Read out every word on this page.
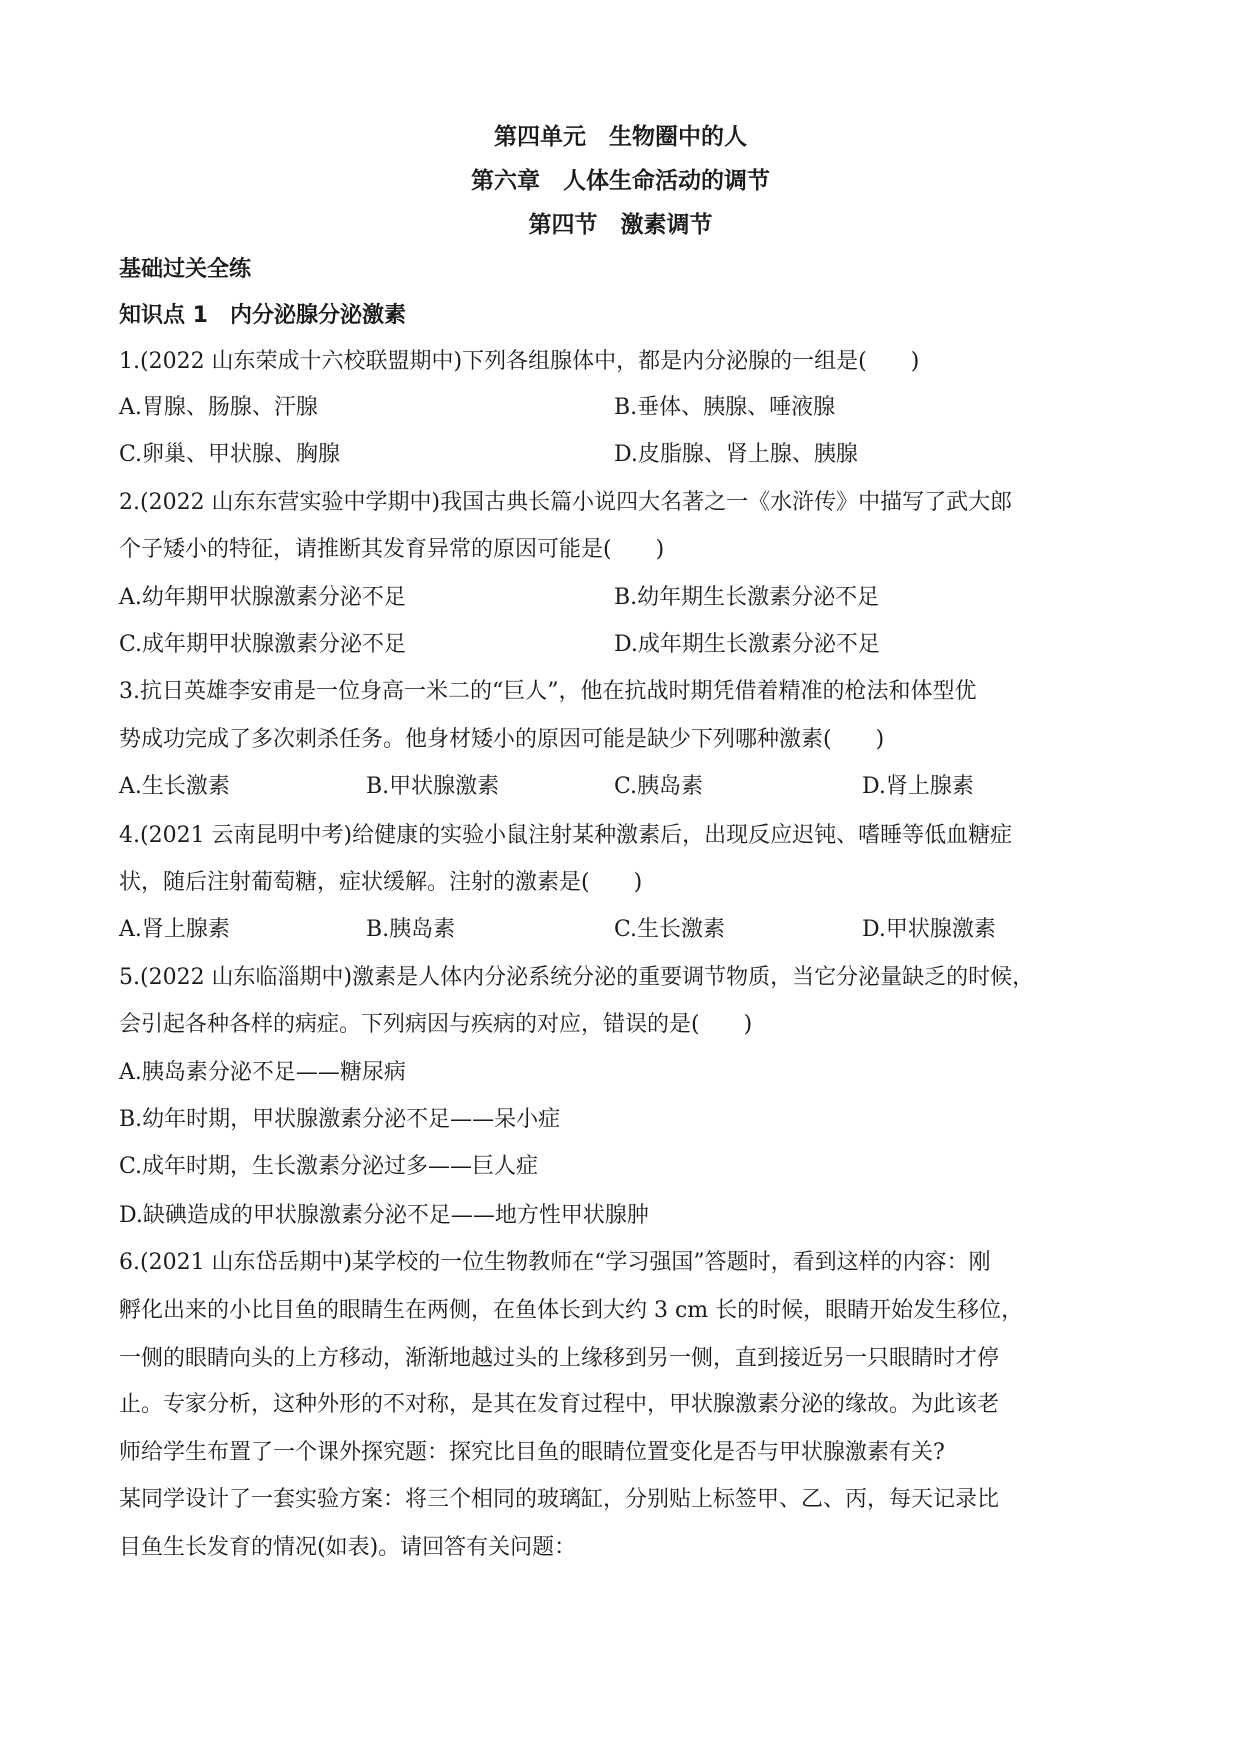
第四单元　生物圈中的人
第六章　人体生命活动的调节
第四节　激素调节
基础过关全练
知识点 1　内分泌腺分泌激素
1.(2022 山东荣成十六校联盟期中)下列各组腺体中，都是内分泌腺的一组是(　　)
A.胃腺、肠腺、汗腺	B.垂体、胰腺、唾液腺
C.卵巢、甲状腺、胸腺	D.皮脂腺、肾上腺、胰腺
2.(2022 山东东营实验中学期中)我国古典长篇小说四大名著之一《水浒传》中描写了武大郎
个子矮小的特征，请推断其发育异常的原因可能是(　　)
A.幼年期甲状腺激素分泌不足	B.幼年期生长激素分泌不足
C.成年期甲状腺激素分泌不足	D.成年期生长激素分泌不足
3.抗日英雄李安甫是一位身高一米二的“巨人”，他在抗战时期凭借着精准的枪法和体型优
势成功完成了多次刺杀任务。他身材矮小的原因可能是缺少下列哪种激素(　　)
A.生长激素	B.甲状腺激素	C.胰岛素	D.肾上腺素
4.(2021 云南昆明中考)给健康的实验小鼠注射某种激素后，出现反应迟钝、嗜睡等低血糖症
状，随后注射葡萄糖，症状缓解。注射的激素是(　　)
A.肾上腺素	B.胰岛素	C.生长激素	D.甲状腺激素
5.(2022 山东临淄期中)激素是人体内分泌系统分泌的重要调节物质，当它分泌量缺乏的时候，
会引起各种各样的病症。下列病因与疾病的对应，错误的是(　　)
A.胰岛素分泌不足——糖尿病
B.幼年时期，甲状腺激素分泌不足——呆小症
C.成年时期，生长激素分泌过多——巨人症
D.缺碘造成的甲状腺激素分泌不足——地方性甲状腺肿
6.(2021 山东岱岳期中)某学校的一位生物教师在“学习强国”答题时，看到这样的内容：刚
孵化出来的小比目鱼的眼睛生在两侧，在鱼体长到大约 3 cm 长的时候，眼睛开始发生移位，
一侧的眼睛向头的上方移动，渐渐地越过头的上缘移到另一侧，直到接近另一只眼睛时才停
止。专家分析，这种外形的不对称，是其在发育过程中，甲状腺激素分泌的缘故。为此该老
师给学生布置了一个课外探究题：探究比目鱼的眼睛位置变化是否与甲状腺激素有关?
某同学设计了一套实验方案：将三个相同的玻璃缸，分别贴上标签甲、乙、丙，每天记录比
目鱼生长发育的情况(如表)。请回答有关问题：
